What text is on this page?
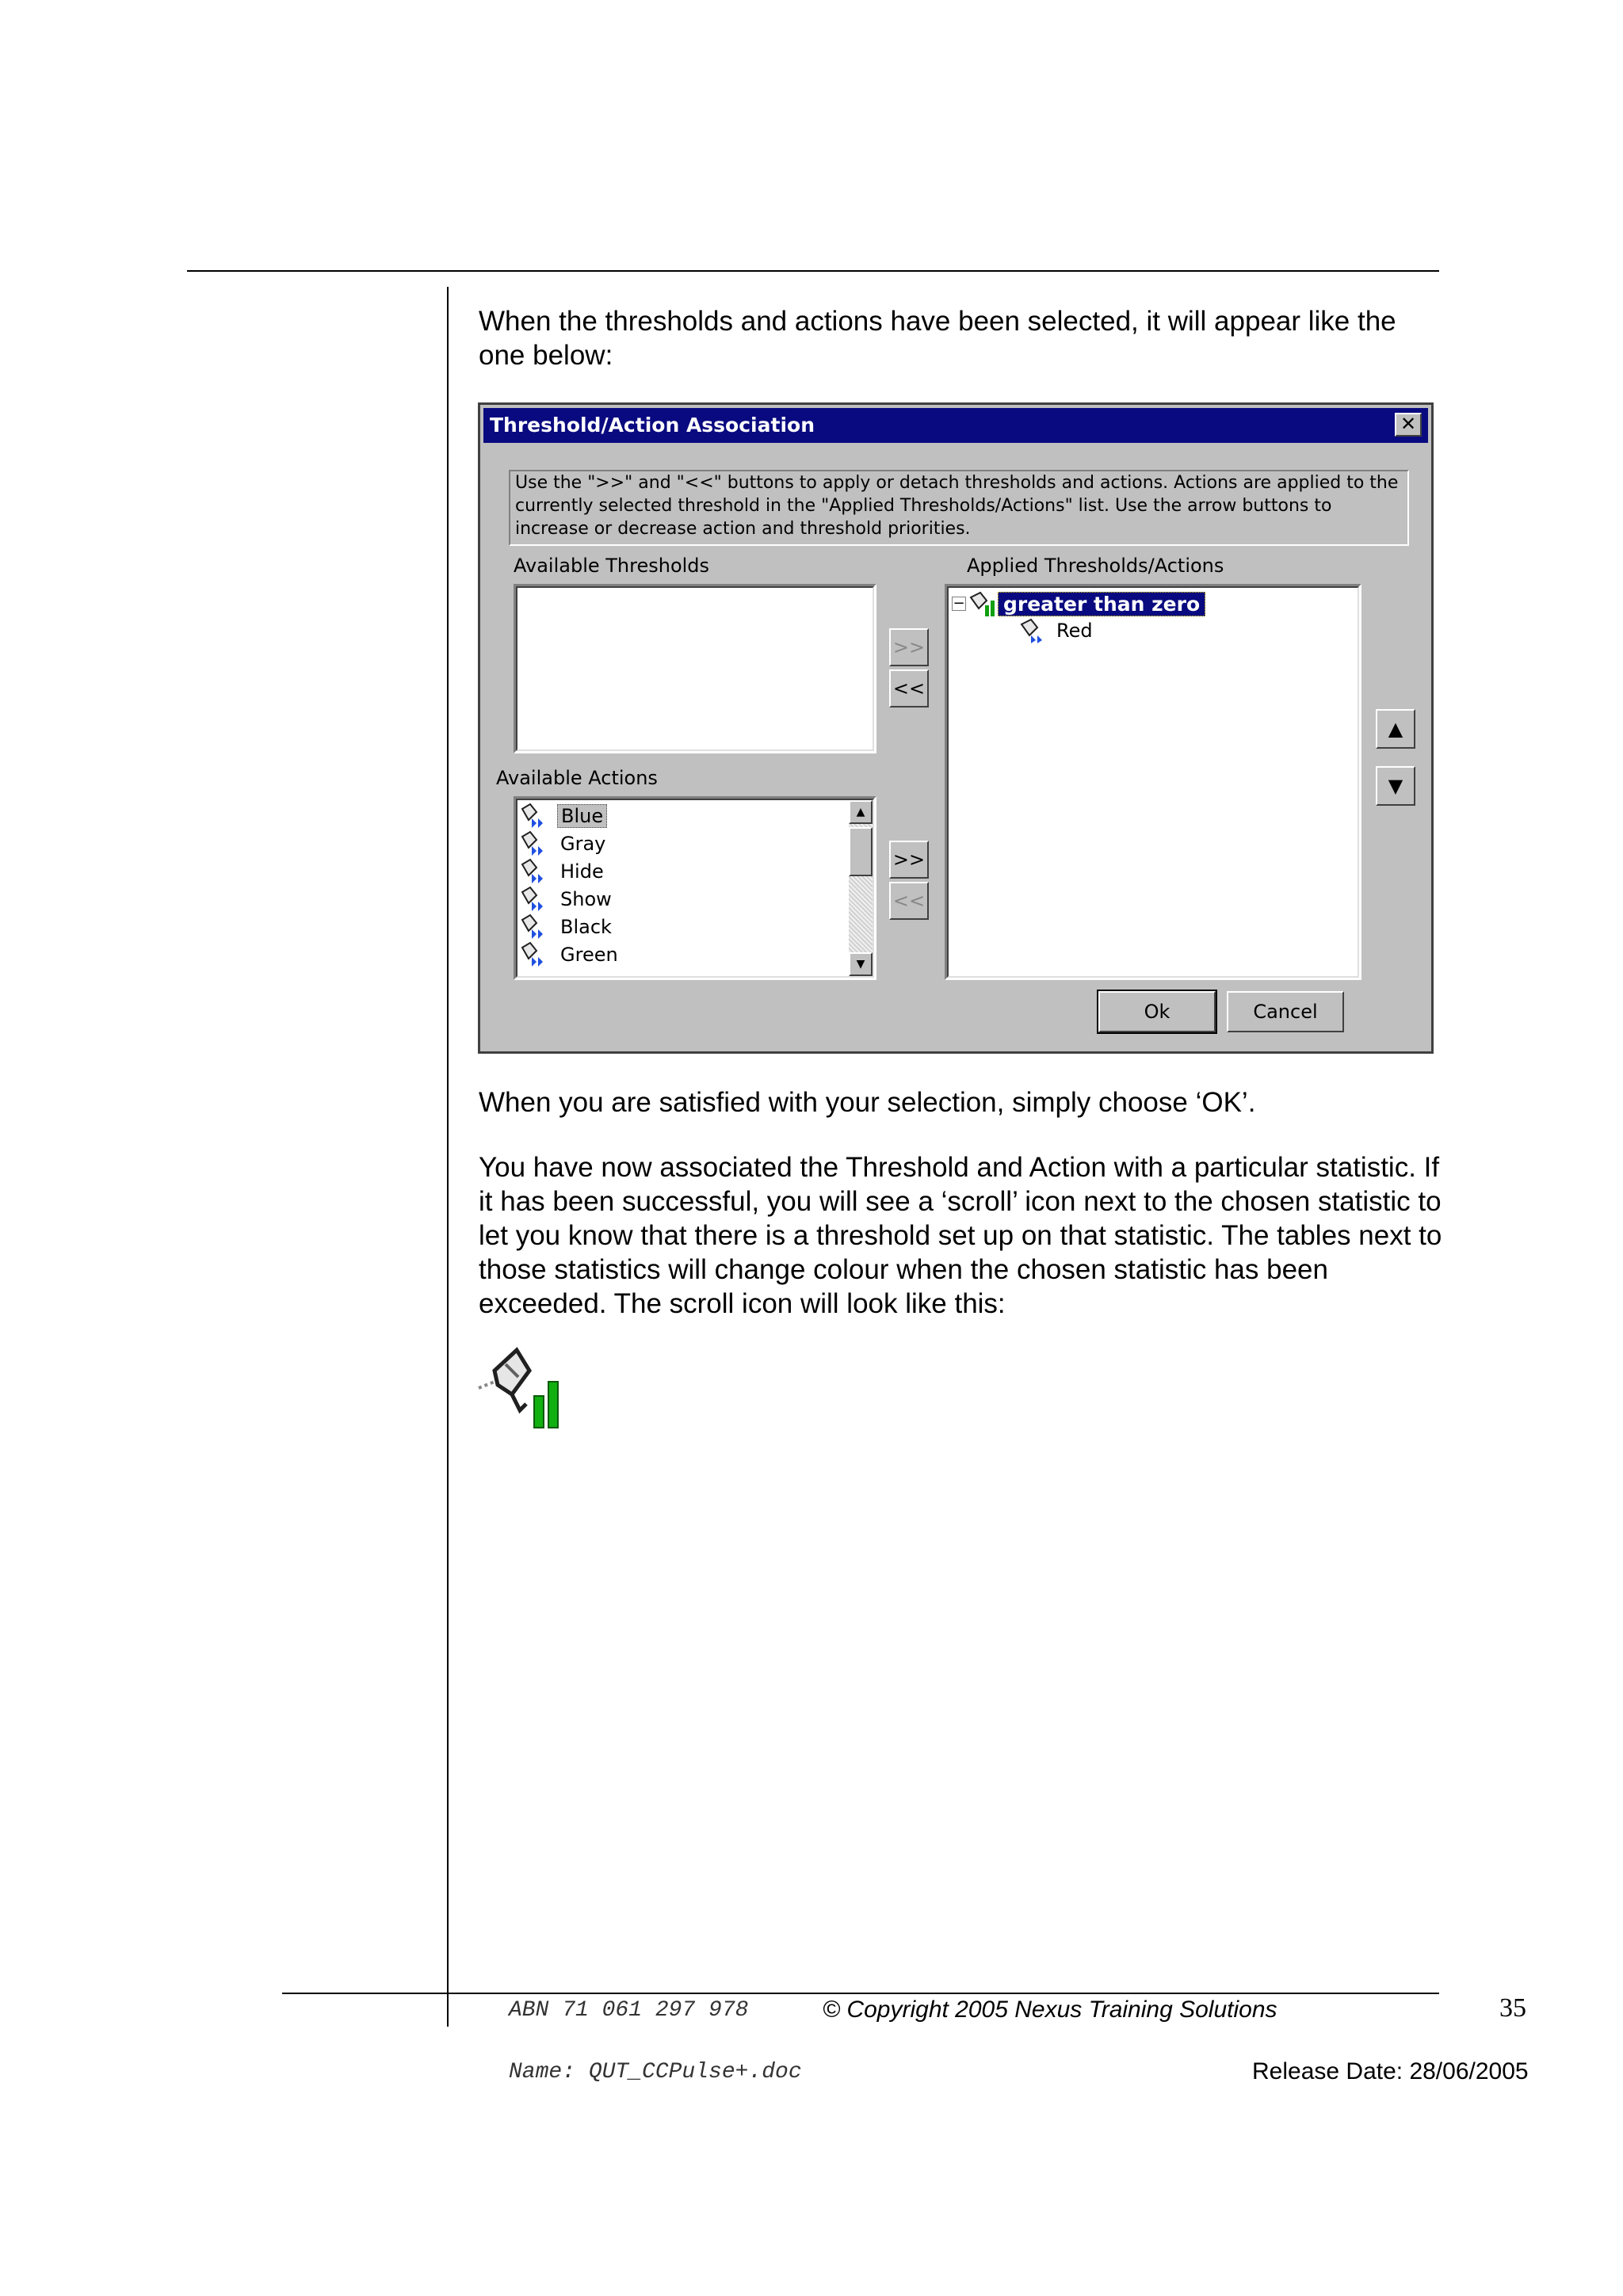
When the thresholds and actions have been selected, it will appear like the one below:
Threshold/Action Association	✕
Use the ">>" and "<<" buttons to apply or detach thresholds and actions. Actions are applied to the currently selected threshold in the "Applied Thresholds/Actions" list. Use the arrow buttons to increase or decrease action and threshold priorities.
Available Thresholds
Available Actions
Blue
Gray
Hide
Show
Black
Green
▲
▼
>>
<<
>>
<<
Applied Thresholds/Actions
− greater than zero
Red
▲
▼
Ok	Cancel
When you are satisfied with your selection, simply choose ‘OK’.
You have now associated the Threshold and Action with a particular statistic. If it has been successful, you will see a ‘scroll’ icon next to the chosen statistic to let you know that there is a threshold set up on that statistic. The tables next to those statistics will change colour when the chosen statistic has been exceeded. The scroll icon will look like this:
ABN 71 061 297 978	© Copyright 2005 Nexus Training Solutions	35
Name: QUT_CCPulse+.doc	Release Date: 28/06/2005
